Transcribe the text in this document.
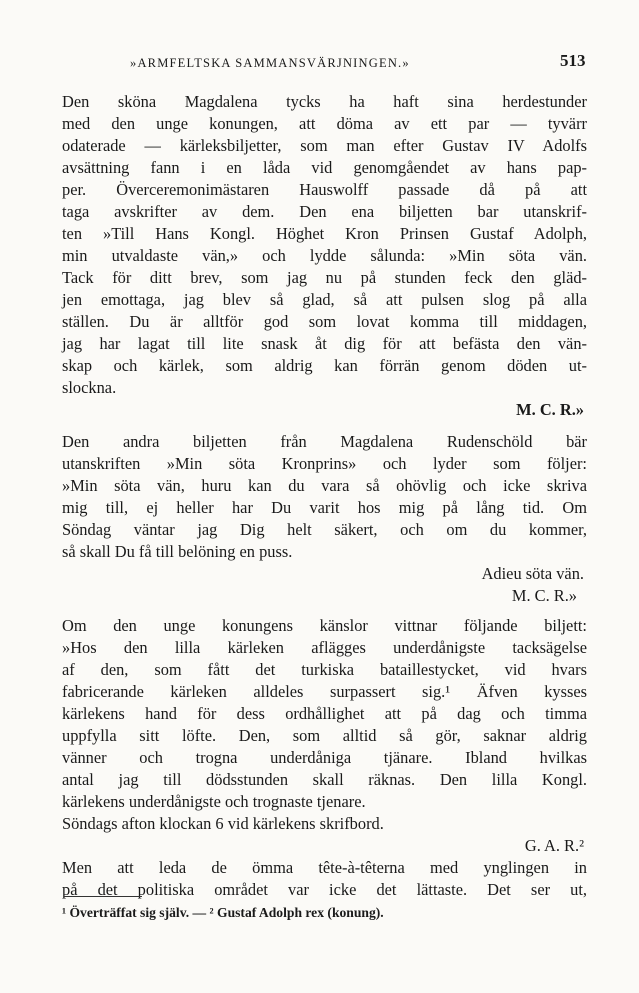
»ARMFELTSKA SAMMANSVÄRJNINGEN.»	513
Den sköna Magdalena tycks ha haft sina herdestunder
med den unge konungen, att döma av ett par — tyvärr
odaterade — kärleksbiljetter, som man efter Gustav IV Adolfs
avsättning fann i en låda vid genomgåendet av hans pap-
per. Överceremonimästaren Hauswolff passade då på att
taga avskrifter av dem. Den ena biljetten bar utanskrif-
ten »Till Hans Kongl. Höghet Kron Prinsen Gustaf Adolph,
min utvaldaste vän,» och lydde sålunda: »Min söta vän.
Tack för ditt brev, som jag nu på stunden feck den gläd-
jen emottaga, jag blev så glad, så att pulsen slog på alla
ställen. Du är alltför god som lovat komma till middagen,
jag har lagat till lite snask åt dig för att befästa den vän-
skap och kärlek, som aldrig kan förrän genom döden ut-
slockna.
M. C. R.»
Den andra biljetten från Magdalena Rudenschöld bär
utanskriften »Min söta Kronprins» och lyder som följer:
»Min söta vän, huru kan du vara så ohövlig och icke skriva
mig till, ej heller har Du varit hos mig på lång tid. Om
Söndag väntar jag Dig helt säkert, och om du kommer,
så skall Du få till belöning en puss.
Adieu söta vän.
M. C. R.»
Om den unge konungens känslor vittnar följande biljett:
»Hos den lilla kärleken aflägges underdånigste tacksägelse
af den, som fått det turkiska bataillestycket, vid hvars
fabricerande kärleken alldeles surpassert sig.¹ Äfven kysses
kärlekens hand för dess ordhållighet att på dag och timma
uppfylla sitt löfte. Den, som alltid så gör, saknar aldrig
vänner och trogna underdåniga tjänare. Ibland hvilkas
antal jag till dödsstunden skall räknas. Den lilla Kongl.
kärlekens underdånigste och trognaste tjenare.
Söndags afton klockan 6 vid kärlekens skrifbord.
G. A. R.²
Men att leda de ömma tête-à-têterna med ynglingen in
på det politiska området var icke det lättaste. Det ser ut,
¹ Överträffat sig själv. — ² Gustaf Adolph rex (konung).
